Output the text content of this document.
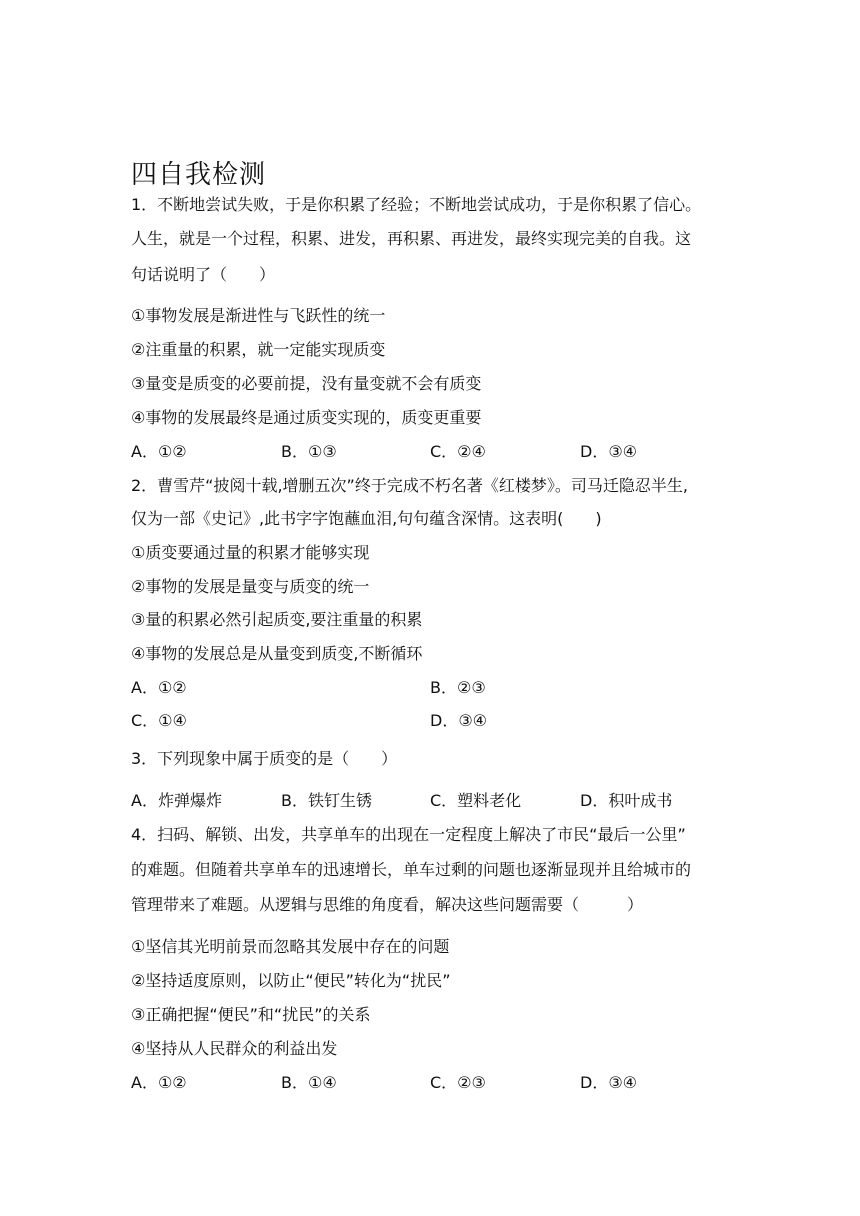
四自我检测
1．不断地尝试失败，于是你积累了经验；不断地尝试成功，于是你积累了信心。
人生，就是一个过程，积累、进发，再积累、再进发，最终实现完美的自我。这
句话说明了（　　）
①事物发展是渐进性与飞跃性的统一
②注重量的积累，就一定能实现质变
③量变是质变的必要前提，没有量变就不会有质变
④事物的发展最终是通过质变实现的，质变更重要
A．①②	B．①③	C．②④	D．③④
2．曹雪芹“披阅十载,增删五次”终于完成不朽名著《红楼梦》。司马迁隐忍半生,
仅为一部《史记》,此书字字饱蘸血泪,句句蕴含深情。这表明(　　)
①质变要通过量的积累才能够实现
②事物的发展是量变与质变的统一
③量的积累必然引起质变,要注重量的积累
④事物的发展总是从量变到质变,不断循环
A．①②	B．②③
C．①④	D．③④
3．下列现象中属于质变的是（　　）
A．炸弹爆炸	B．铁钉生锈	C．塑料老化	D．积叶成书
4．扫码、解锁、出发，共享单车的出现在一定程度上解决了市民“最后一公里”
的难题。但随着共享单车的迅速增长，单车过剩的问题也逐渐显现并且给城市的
管理带来了难题。从逻辑与思维的角度看，解决这些问题需要（　　　）
①坚信其光明前景而忽略其发展中存在的问题
②坚持适度原则，以防止“便民”转化为“扰民”
③正确把握“便民”和“扰民”的关系
④坚持从人民群众的利益出发
A．①②	B．①④	C．②③	D．③④
